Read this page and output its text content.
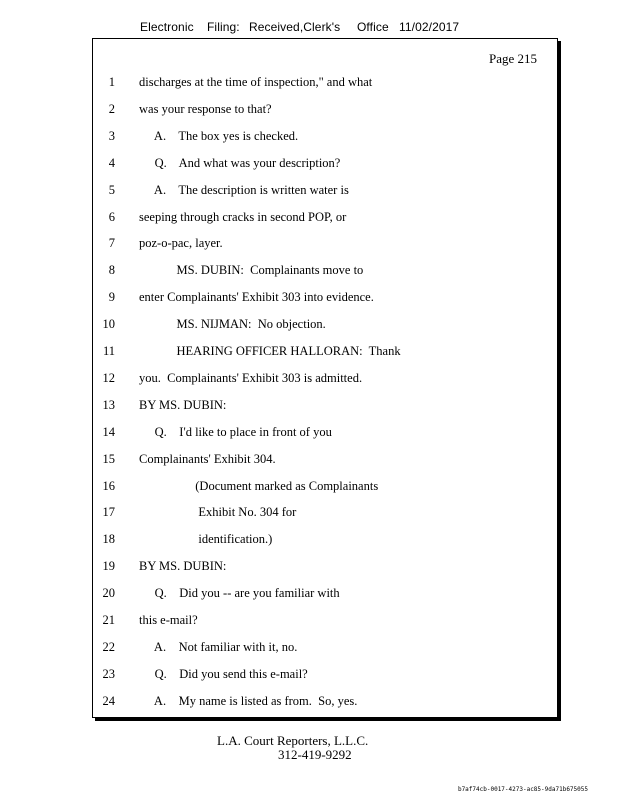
Electronic Filing: Received,Clerk's Office 11/02/2017
Page 215
1 discharges at the time of inspection," and what
2 was your response to that?
3 A.    The box yes is checked.
4 Q.    And what was your description?
5 A.    The description is written water is
6 seeping through cracks in second POP, or
7 poz-o-pac, layer.
8 MS. DUBIN:  Complainants move to
9 enter Complainants' Exhibit 303 into evidence.
10 MS. NIJMAN:  No objection.
11 HEARING OFFICER HALLORAN:  Thank
12 you.  Complainants' Exhibit 303 is admitted.
13 BY MS. DUBIN:
14 Q.    I'd like to place in front of you
15 Complainants' Exhibit 304.
16 (Document marked as Complainants
17 Exhibit No. 304 for
18 identification.)
19 BY MS. DUBIN:
20 Q.    Did you -- are you familiar with
21 this e-mail?
22 A.    Not familiar with it, no.
23 Q.    Did you send this e-mail?
24 A.    My name is listed as from.  So, yes.
L.A. Court Reporters, L.L.C.
312-419-9292
b7af74cb-0017-4273-ac85-9da71b675055
